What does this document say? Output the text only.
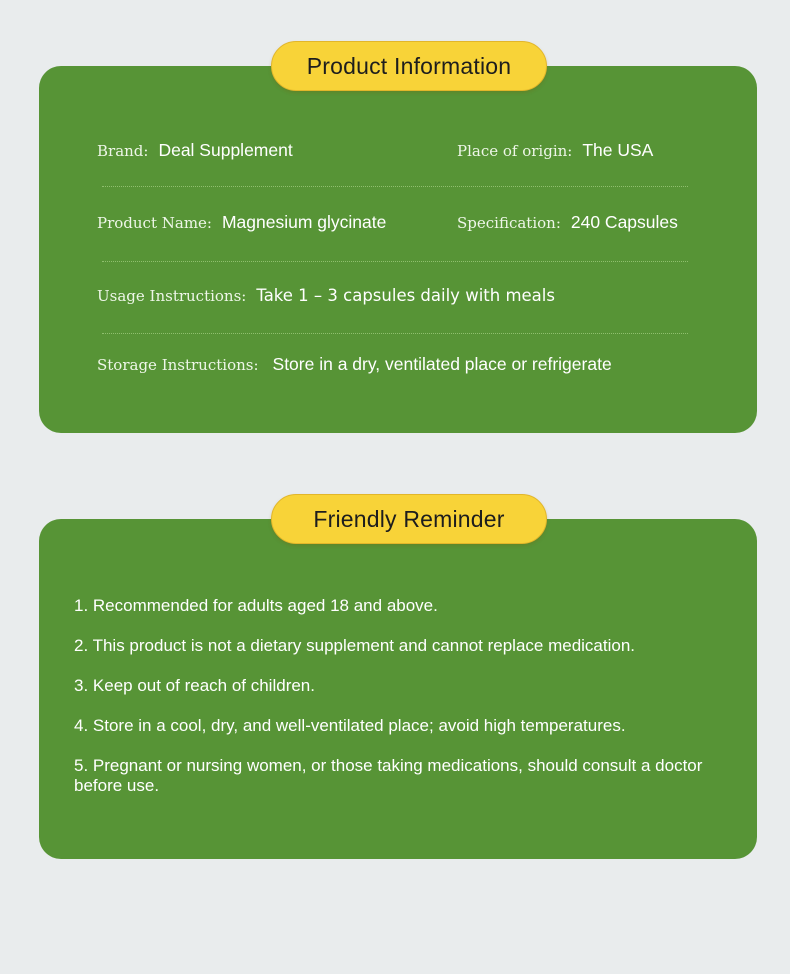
Product Information
Brand: Deal Supplement	Place of origin: The USA
Product Name: Magnesium glycinate	Specification: 240 Capsules
Usage Instructions: Take 1 – 3 capsules daily with meals
Storage Instructions: Store in a dry, ventilated place or refrigerate
Friendly Reminder
1. Recommended for adults aged 18 and above.
2. This product is not a dietary supplement and cannot replace medication.
3. Keep out of reach of children.
4. Store in a cool, dry, and well-ventilated place; avoid high temperatures.
5. Pregnant or nursing women, or those taking medications, should consult a doctor before use.
